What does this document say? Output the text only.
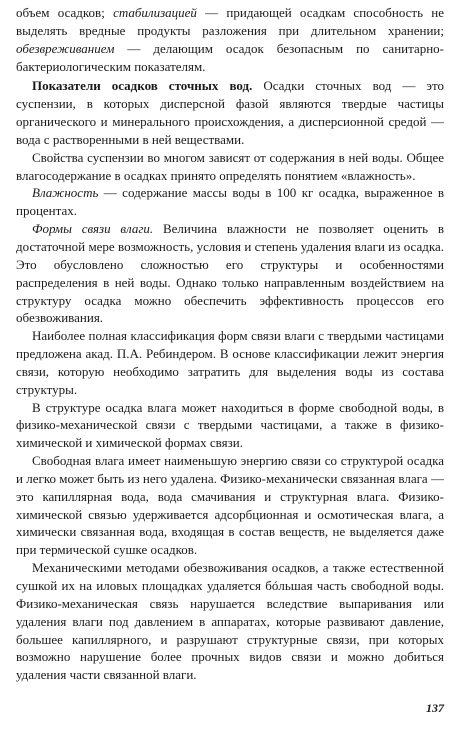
объем осадков; стабилизацией — придающей осадкам способность не выделять вредные продукты разложения при длительном хранении; обезвреживанием — делающим осадок безопасным по санитарно-бактериологическим показателям.

Показатели осадков сточных вод. Осадки сточных вод — это суспензии, в которых дисперсной фазой являются твердые частицы органического и минерального происхождения, а дисперсионной средой — вода с растворенными в ней веществами.

Свойства суспензии во многом зависят от содержания в ней воды. Общее влагосодержание в осадках принято определять понятием «влажность».

Влажность — содержание массы воды в 100 кг осадка, выраженное в процентах.

Формы связи влаги. Величина влажности не позволяет оценить в достаточной мере возможность, условия и степень удаления влаги из осадка. Это обусловлено сложностью его структуры и особенностями распределения в ней воды. Однако только направленным воздействием на структуру осадка можно обеспечить эффективность процессов его обезвоживания.

Наиболее полная классификация форм связи влаги с твердыми частицами предложена акад. П.А. Ребиндером. В основе классификации лежит энергия связи, которую необходимо затратить для выделения воды из состава структуры.

В структуре осадка влага может находиться в форме свободной воды, в физико-механической связи с твердыми частицами, а также в физико-химической и химической формах связи.

Свободная влага имеет наименьшую энергию связи со структурой осадка и легко может быть из него удалена. Физико-механически связанная влага — это капиллярная вода, вода смачивания и структурная влага. Физико-химической связью удерживается адсорбционная и осмотическая влага, а химически связанная вода, входящая в состав веществ, не выделяется даже при термической сушке осадков.

Механическими методами обезвоживания осадков, а также естественной сушкой их на иловых площадках удаляется бóльшая часть свободной воды. Физико-механическая связь нарушается вследствие выпаривания или удаления влаги под давлением в аппаратах, которые развивают давление, большее капиллярного, и разрушают структурные связи, при которых возможно нарушение более прочных видов связи и можно добиться удаления части связанной влаги.

137
